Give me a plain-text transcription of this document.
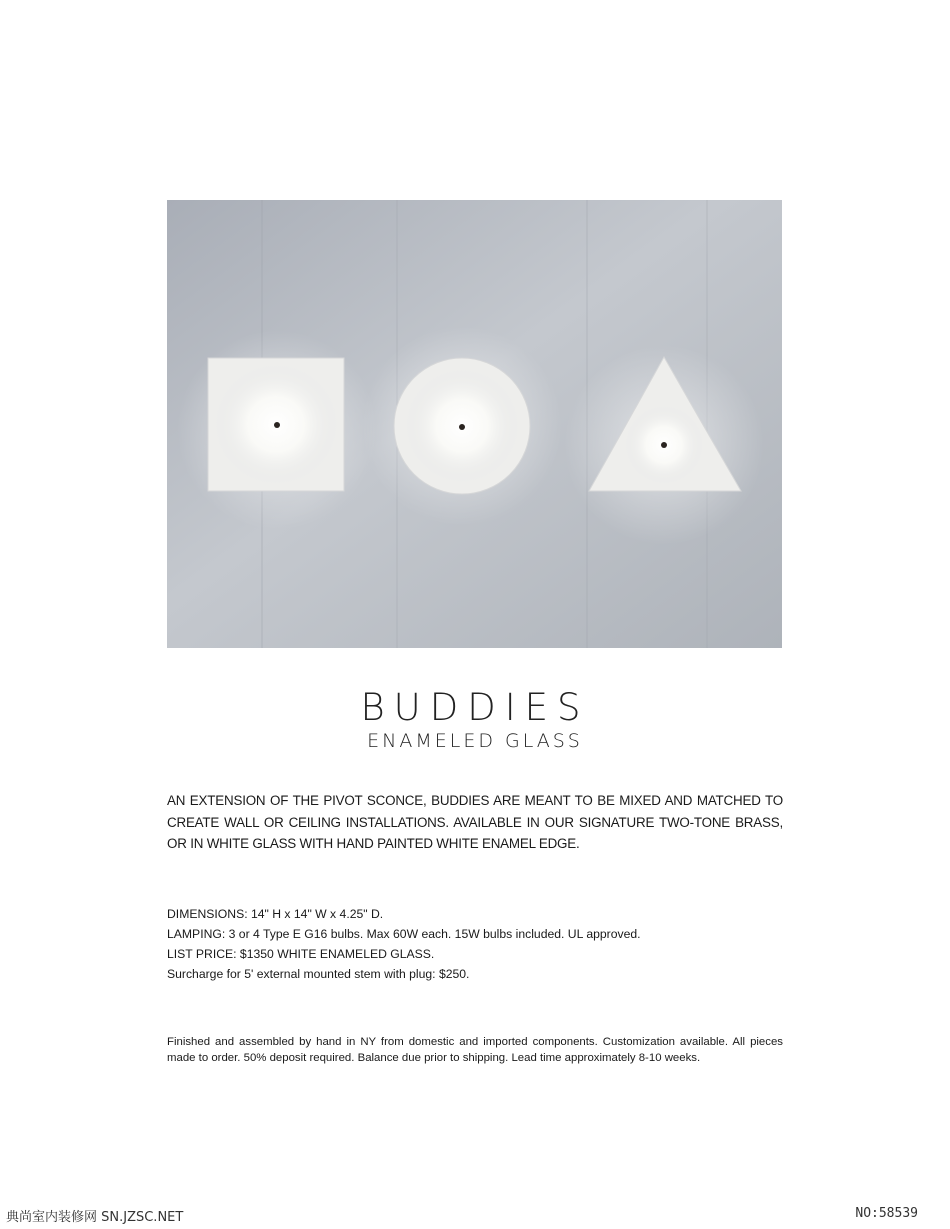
BUDDIES
ENAMELED GLASS
AN EXTENSION OF THE PIVOT SCONCE, BUDDIES ARE MEANT TO BE MIXED AND MATCHED TO CREATE WALL OR CEILING INSTALLATIONS. AVAILABLE IN OUR SIGNATURE TWO-TONE BRASS, OR IN WHITE GLASS WITH HAND PAINTED WHITE ENAMEL EDGE.
DIMENSIONS: 14" H x 14" W x 4.25" D.
LAMPING: 3 or 4 Type E G16 bulbs. Max 60W each. 15W bulbs included. UL approved.
LIST PRICE: $1350 WHITE ENAMELED GLASS.
Surcharge for 5' external mounted stem with plug: $250.
Finished and assembled by hand in NY from domestic and imported components. Customization available. All pieces made to order. 50% deposit required. Balance due prior to shipping. Lead time approximately 8-10 weeks.
典尚室内装修网 SN.JZSC.NET	NO:58539
